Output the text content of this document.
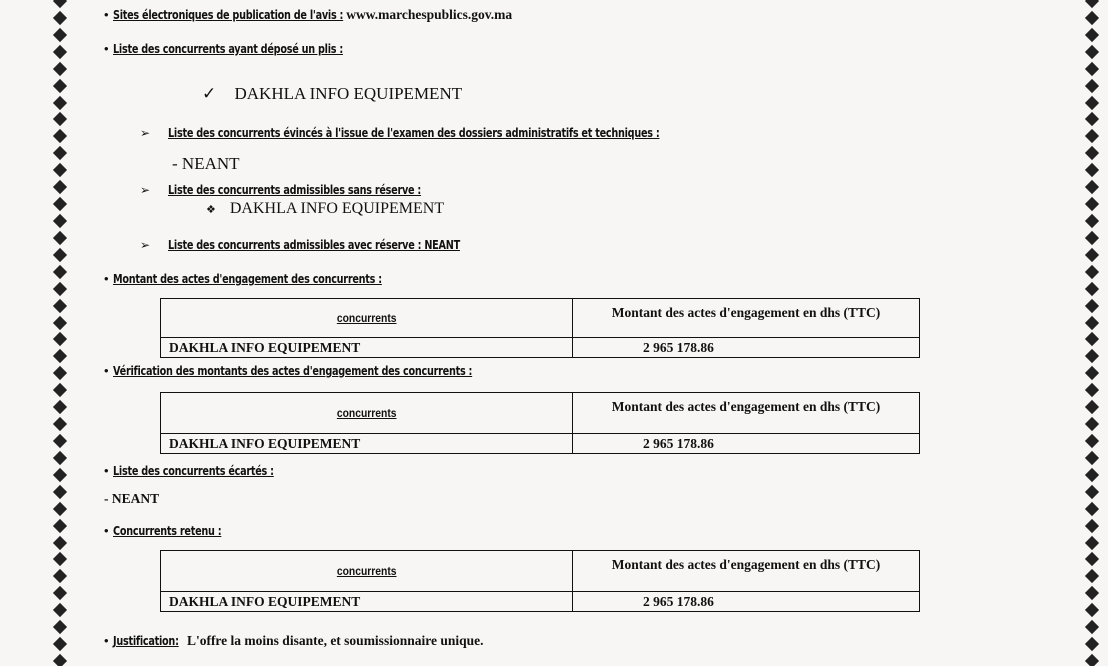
• Sites électroniques de publication de l'avis : www.marchespublics.gov.ma
• Liste des concurrents ayant déposé un plis :
✓ DAKHLA INFO EQUIPEMENT
➢ Liste des concurrents évincés à l'issue de l'examen des dossiers administratifs et techniques :
- NEANT
➢ Liste des concurrents admissibles sans réserve :
❖ DAKHLA INFO EQUIPEMENT
➢ Liste des concurrents admissibles avec réserve : NEANT
• Montant des actes d'engagement des concurrents :
concurrents	Montant des actes d'engagement en dhs (TTC)
DAKHLA INFO EQUIPEMENT	2 965 178.86
• Vérification des montants des actes d'engagement des concurrents :
concurrents	Montant des actes d'engagement en dhs (TTC)
DAKHLA INFO EQUIPEMENT	2 965 178.86
• Liste des concurrents écartés :
- NEANT
• Concurrents retenu :
concurrents	Montant des actes d'engagement en dhs (TTC)
DAKHLA INFO EQUIPEMENT	2 965 178.86
• Justification: L'offre la moins disante, et soumissionnaire unique.
